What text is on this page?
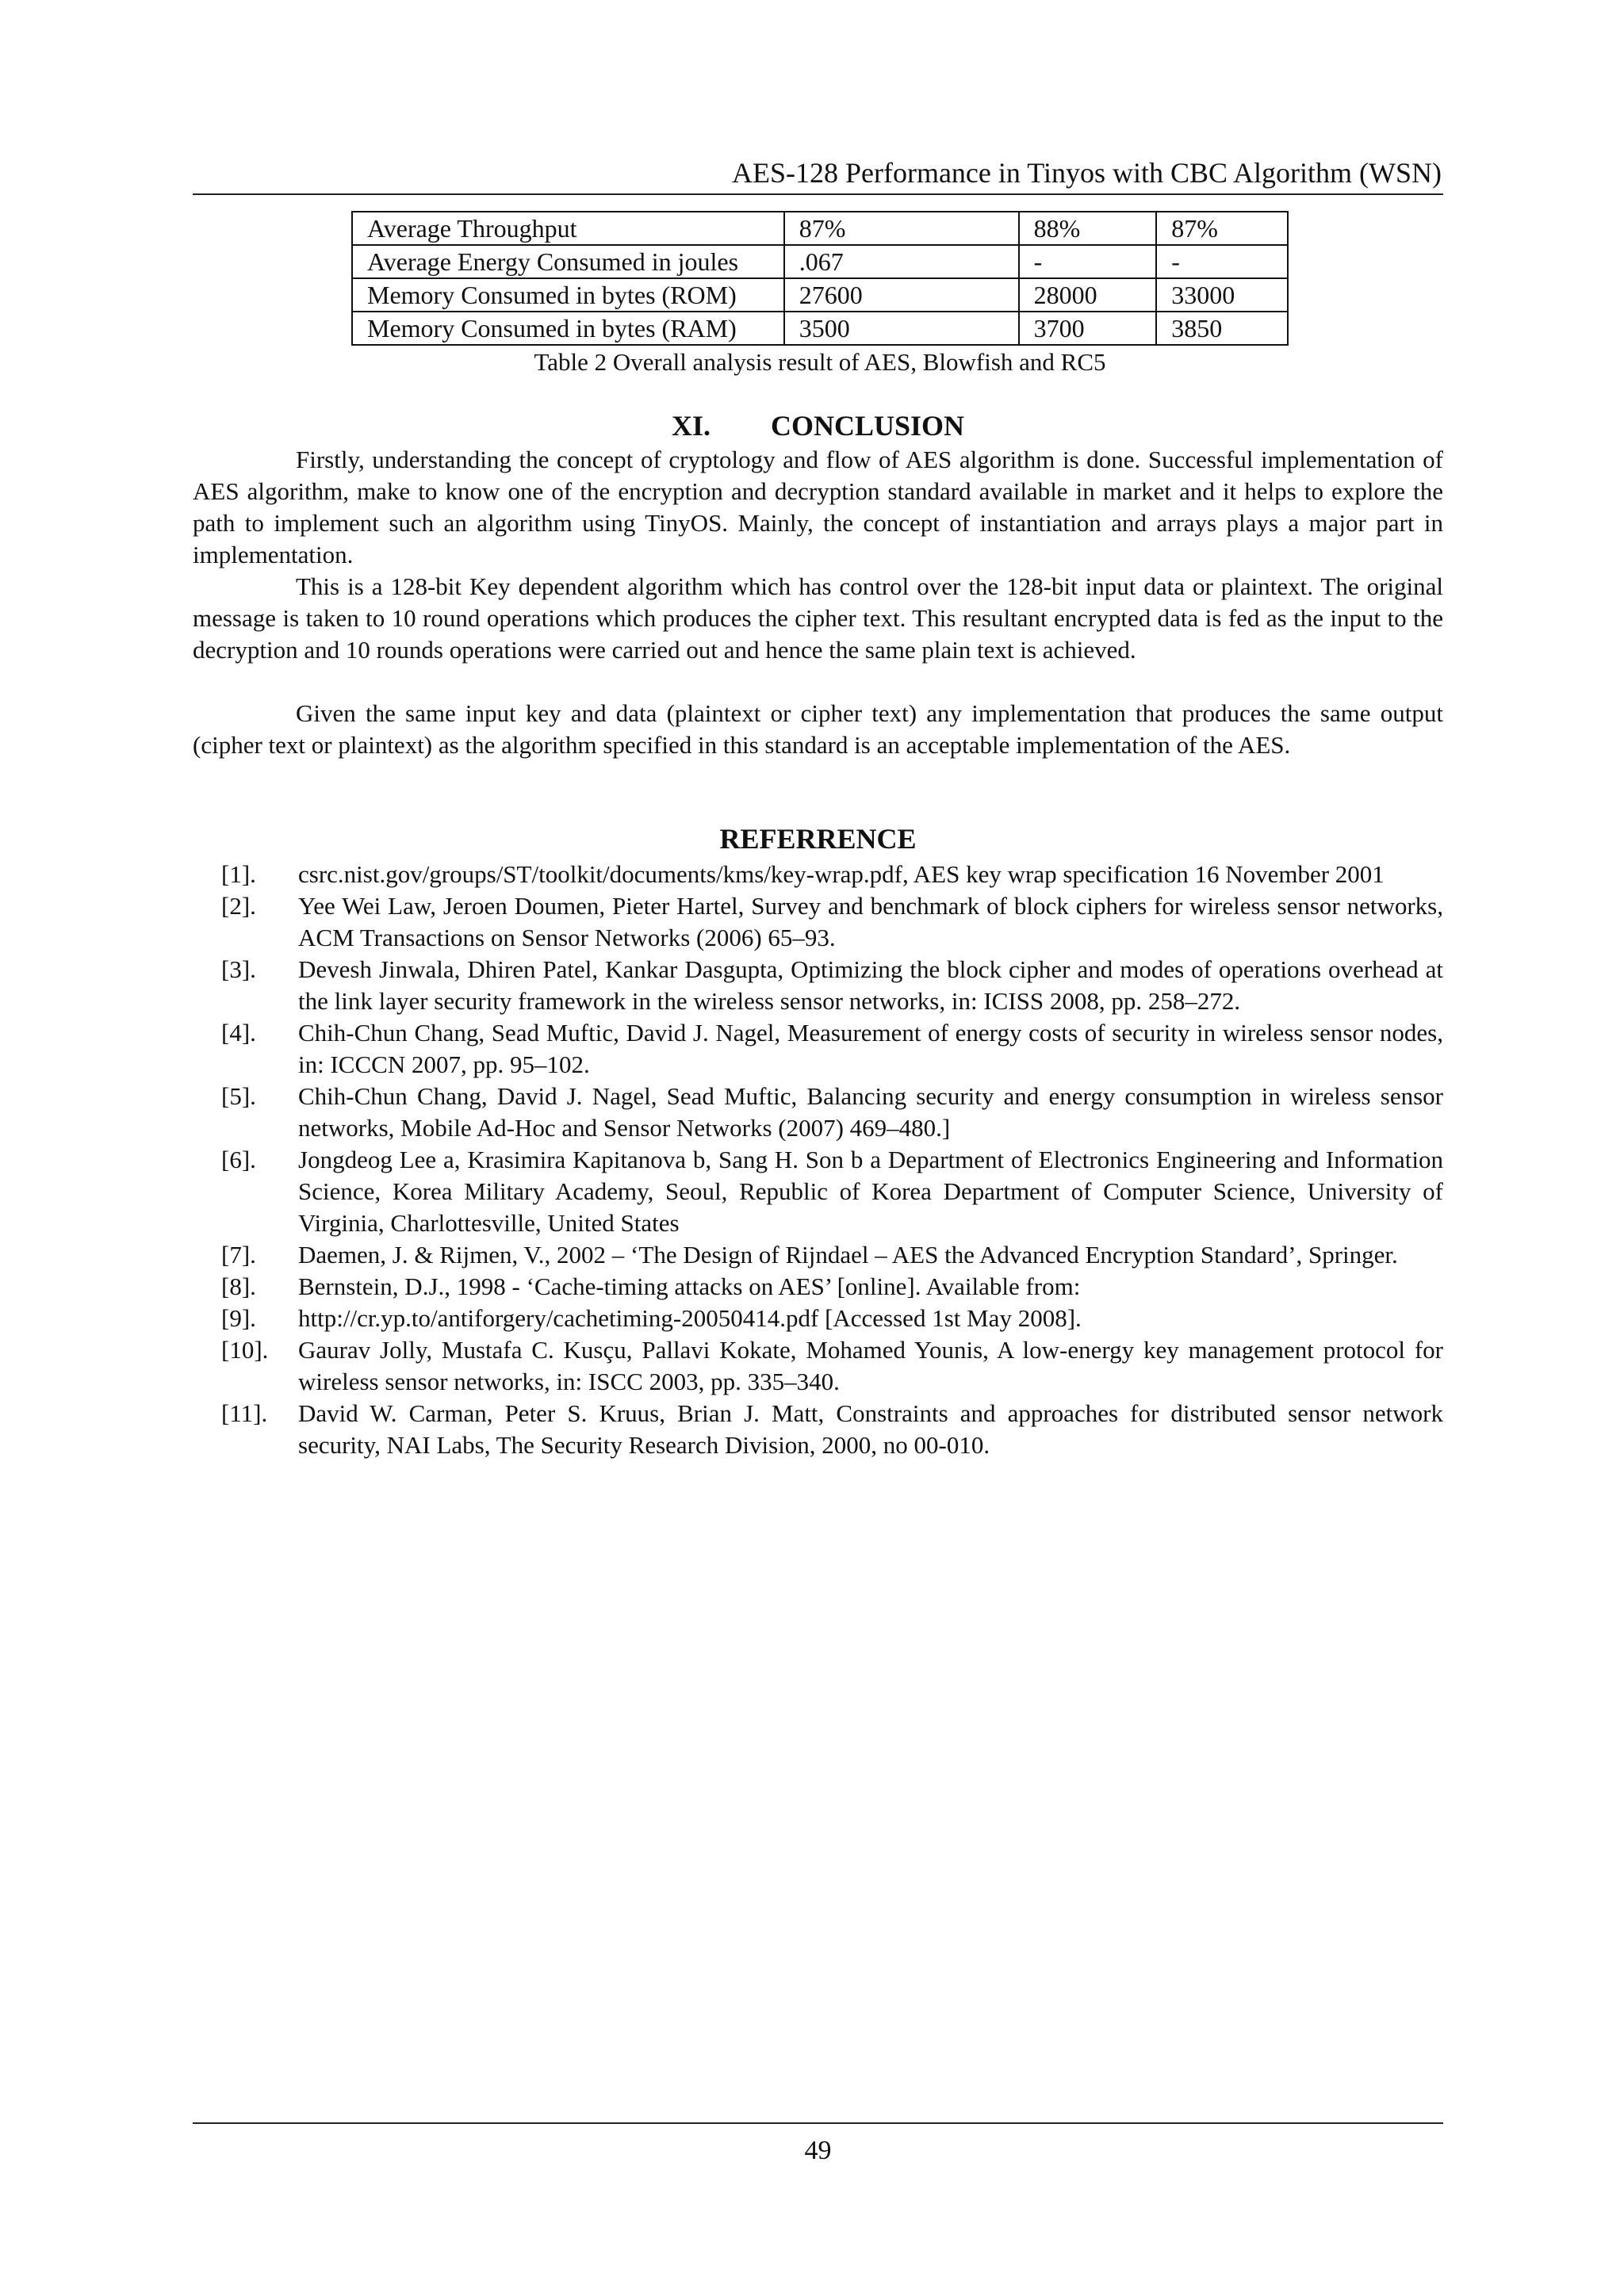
AES-128 Performance in Tinyos with CBC Algorithm (WSN)
Average Throughput	87%	88%	87%
Average Energy Consumed in joules	.067	-	-
Memory Consumed in bytes (ROM)	27600	28000	33000
Memory Consumed in bytes (RAM)	3500	3700	3850
Table 2 Overall analysis result of AES, Blowfish and RC5
XI. CONCLUSION

Firstly, understanding the concept of cryptology and flow of AES algorithm is done. Successful implementation of AES algorithm, make to know one of the encryption and decryption standard available in market and it helps to explore the path to implement such an algorithm using TinyOS. Mainly, the concept of instantiation and arrays plays a major part in implementation.

This is a 128-bit Key dependent algorithm which has control over the 128-bit input data or plaintext. The original message is taken to 10 round operations which produces the cipher text. This resultant encrypted data is fed as the input to the decryption and 10 rounds operations were carried out and hence the same plain text is achieved.

Given the same input key and data (plaintext or cipher text) any implementation that produces the same output (cipher text or plaintext) as the algorithm specified in this standard is an acceptable implementation of the AES.

REFERRENCE
[1]. csrc.nist.gov/groups/ST/toolkit/documents/kms/key-wrap.pdf, AES key wrap specification 16 November 2001
[2]. Yee Wei Law, Jeroen Doumen, Pieter Hartel, Survey and benchmark of block ciphers for wireless sensor networks, ACM Transactions on Sensor Networks (2006) 65–93.
[3]. Devesh Jinwala, Dhiren Patel, Kankar Dasgupta, Optimizing the block cipher and modes of operations overhead at the link layer security framework in the wireless sensor networks, in: ICISS 2008, pp. 258–272.
[4]. Chih-Chun Chang, Sead Muftic, David J. Nagel, Measurement of energy costs of security in wireless sensor nodes, in: ICCCN 2007, pp. 95–102.
[5]. Chih-Chun Chang, David J. Nagel, Sead Muftic, Balancing security and energy consumption in wireless sensor networks, Mobile Ad-Hoc and Sensor Networks (2007) 469–480.]
[6]. Jongdeog Lee a, Krasimira Kapitanova b, Sang H. Son b a Department of Electronics Engineering and Information Science, Korea Military Academy, Seoul, Republic of Korea Department of Computer Science, University of Virginia, Charlottesville, United States
[7]. Daemen, J. & Rijmen, V., 2002 – ‘The Design of Rijndael – AES the Advanced Encryption Standard’, Springer.
[8]. Bernstein, D.J., 1998 - ‘Cache-timing attacks on AES’ [online]. Available from:
[9]. http://cr.yp.to/antiforgery/cachetiming-20050414.pdf [Accessed 1st May 2008].
[10]. Gaurav Jolly, Mustafa C. Kusçu, Pallavi Kokate, Mohamed Younis, A low-energy key management protocol for wireless sensor networks, in: ISCC 2003, pp. 335–340.
[11]. David W. Carman, Peter S. Kruus, Brian J. Matt, Constraints and approaches for distributed sensor network security, NAI Labs, The Security Research Division, 2000, no 00-010.
49
